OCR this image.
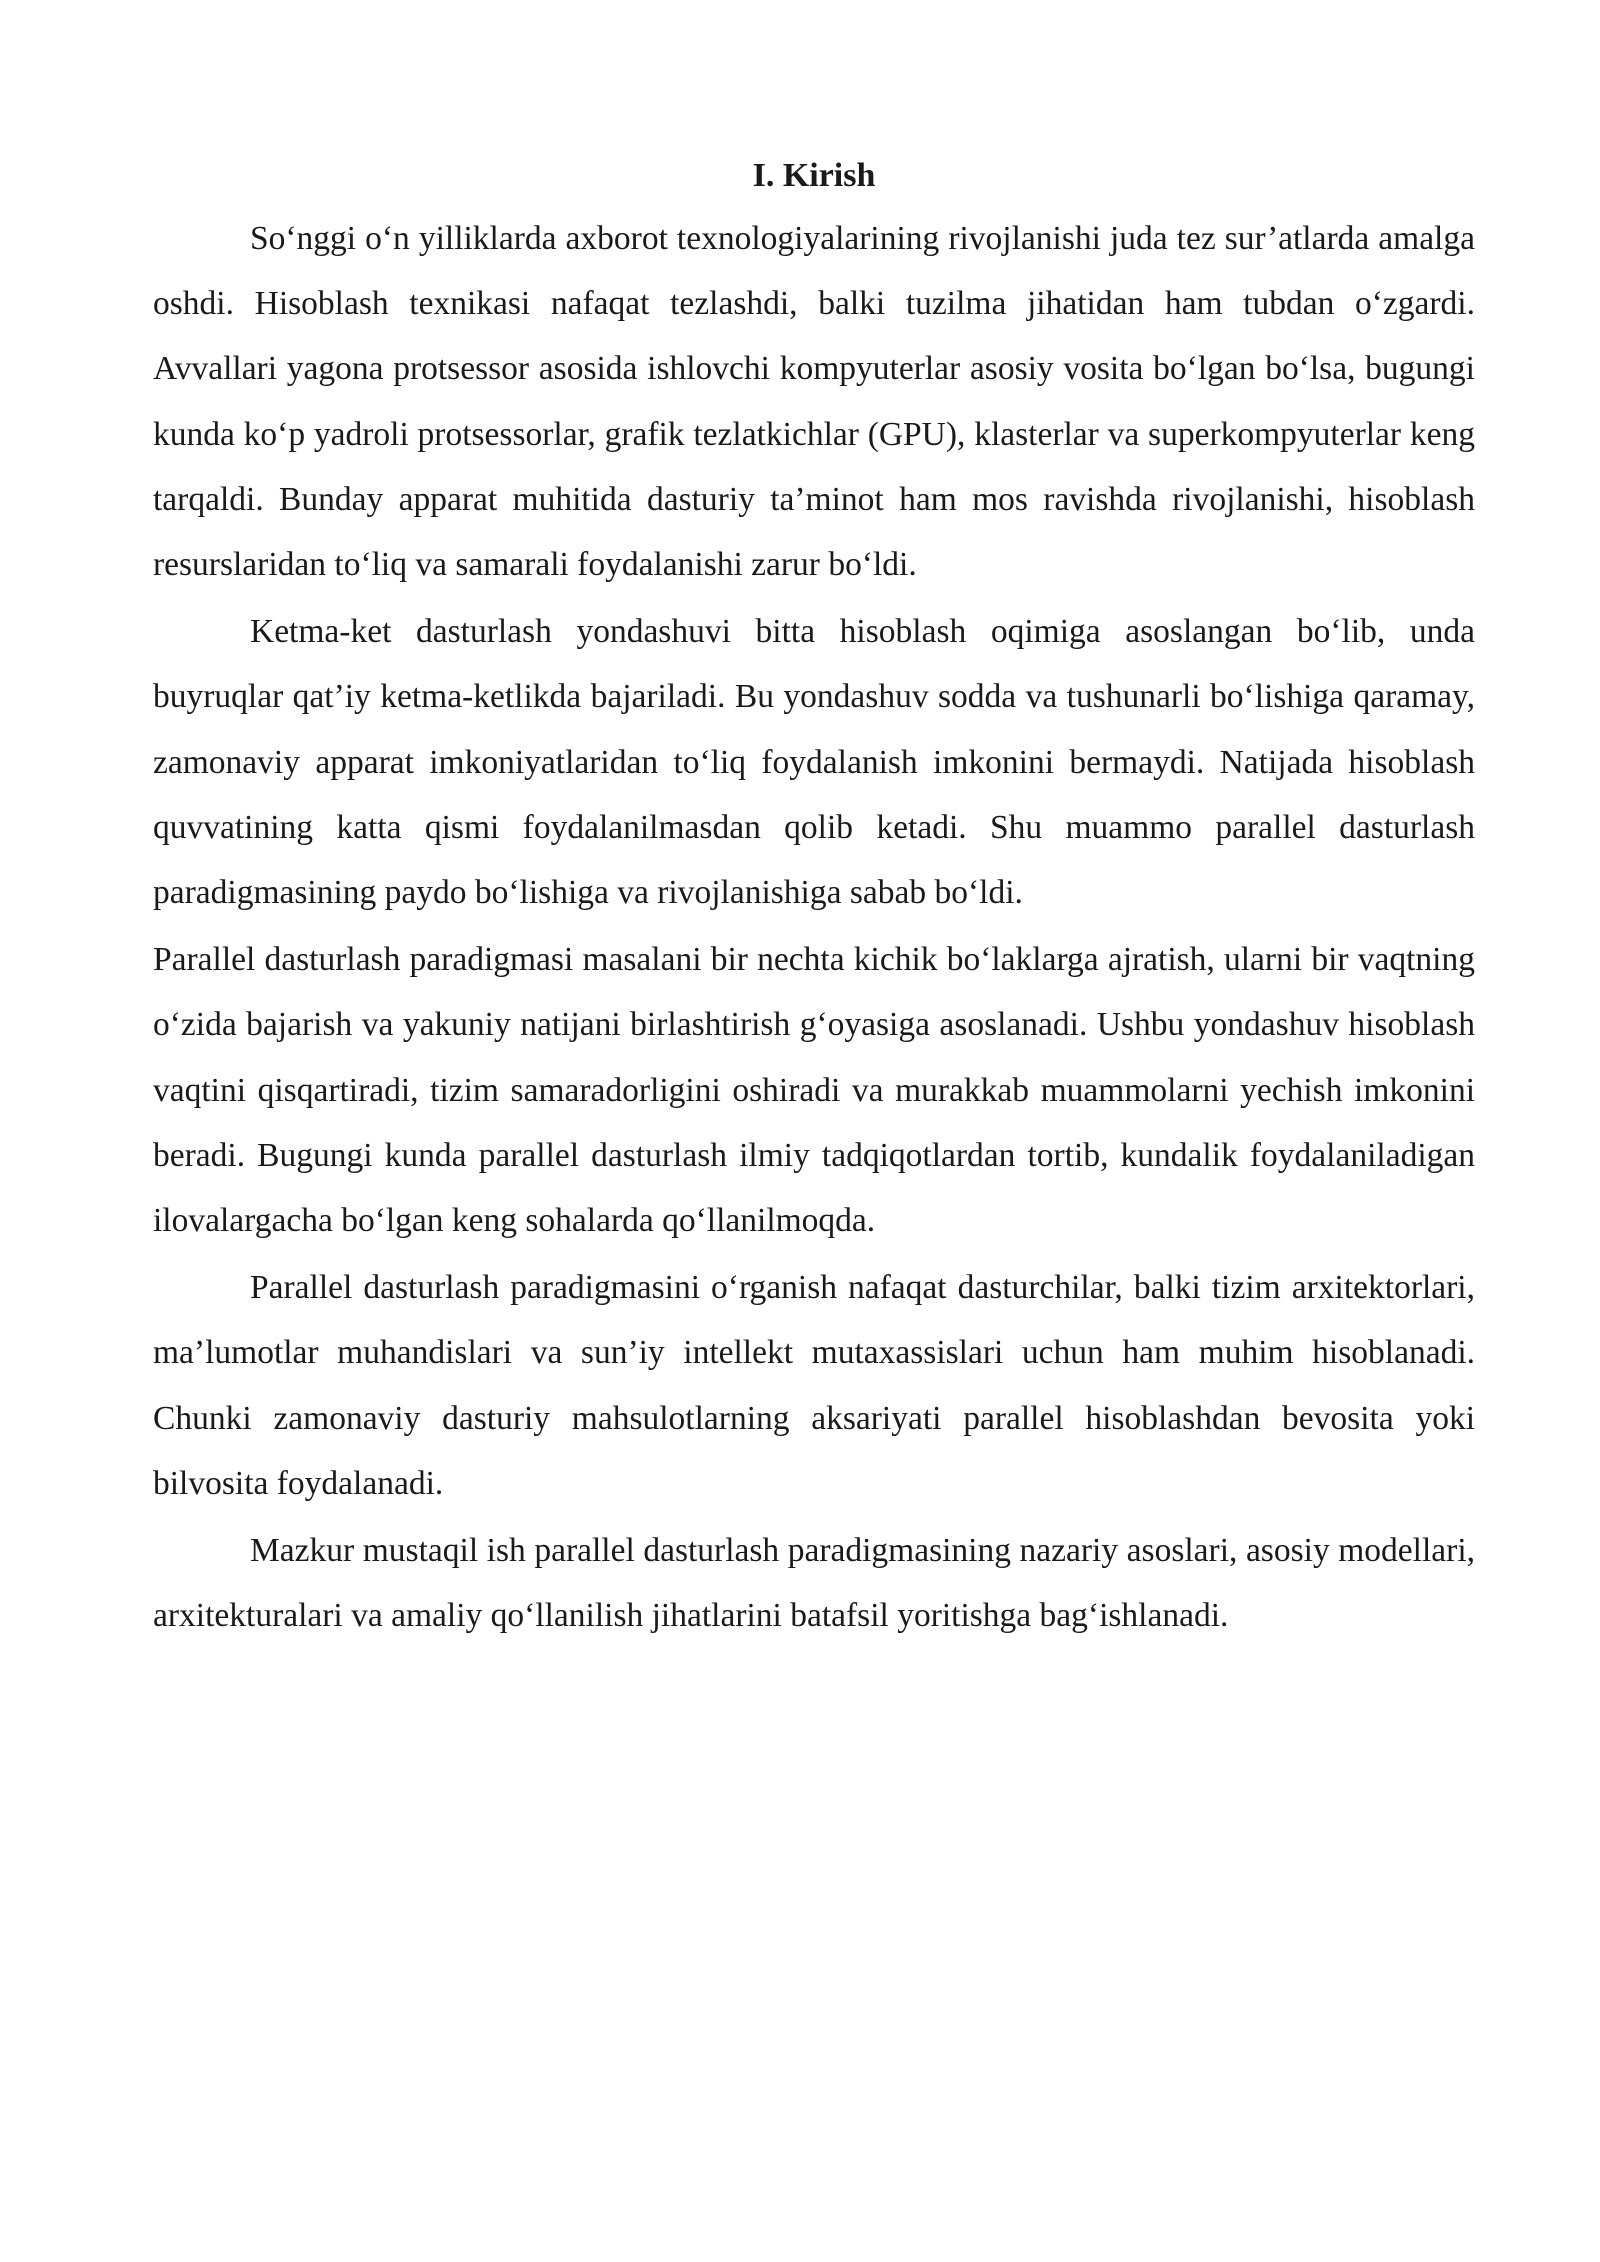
I. Kirish

So‘nggi o‘n yilliklarda axborot texnologiyalarining rivojlanishi juda tez sur’atlarda amalga oshdi. Hisoblash texnikasi nafaqat tezlashdi, balki tuzilma jihatidan ham tubdan o‘zgardi. Avvallari yagona protsessor asosida ishlovchi kompyuterlar asosiy vosita bo‘lgan bo‘lsa, bugungi kunda ko‘p yadroli protsessorlar, grafik tezlatkichlar (GPU), klasterlar va superkompyuterlar keng tarqaldi. Bunday apparat muhitida dasturiy ta’minot ham mos ravishda rivojlanishi, hisoblash resurslaridan to‘liq va samarali foydalanishi zarur bo‘ldi.

Ketma-ket dasturlash yondashuvi bitta hisoblash oqimiga asoslangan bo‘lib, unda buyruqlar qat’iy ketma-ketlikda bajariladi. Bu yondashuv sodda va tushunarli bo‘lishiga qaramay, zamonaviy apparat imkoniyatlaridan to‘liq foydalanish imkonini bermaydi. Natijada hisoblash quvvatining katta qismi foydalanilmasdan qolib ketadi. Shu muammo parallel dasturlash paradigmasining paydo bo‘lishiga va rivojlanishiga sabab bo‘ldi.

Parallel dasturlash paradigmasi masalani bir nechta kichik bo‘laklarga ajratish, ularni bir vaqtning o‘zida bajarish va yakuniy natijani birlashtirish g‘oyasiga asoslanadi. Ushbu yondashuv hisoblash vaqtini qisqartiradi, tizim samaradorligini oshiradi va murakkab muammolarni yechish imkonini beradi. Bugungi kunda parallel dasturlash ilmiy tadqiqotlardan tortib, kundalik foydalaniladigan ilovalargacha bo‘lgan keng sohalarda qo‘llanilmoqda.

Parallel dasturlash paradigmasini o‘rganish nafaqat dasturchilar, balki tizim arxitektorlari, ma’lumotlar muhandislari va sun’iy intellekt mutaxassislari uchun ham muhim hisoblanadi. Chunki zamonaviy dasturiy mahsulotlarning aksariyati parallel hisoblashdan bevosita yoki bilvosita foydalanadi.

Mazkur mustaqil ish parallel dasturlash paradigmasining nazariy asoslari, asosiy modellari, arxitekturalari va amaliy qo‘llanilish jihatlarini batafsil yoritishga bag‘ishlanadi.
